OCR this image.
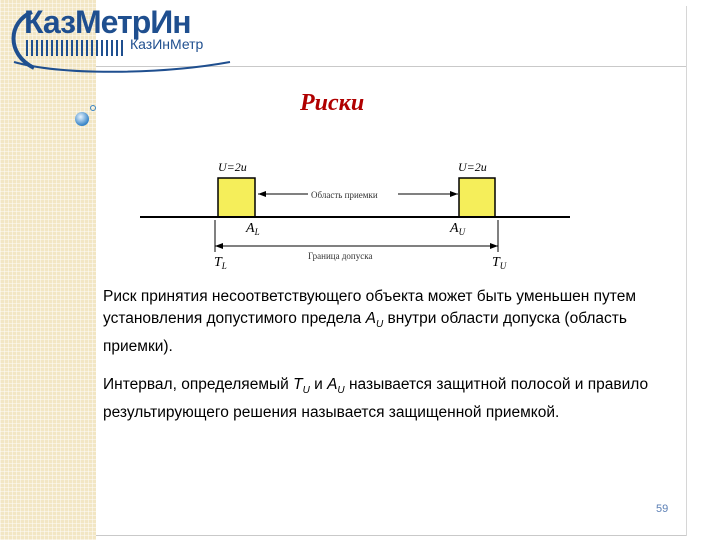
КазМетрИн
КазИнМетр
Риски
Область приемки
Граница допуска
U=2u	U=2u
$A_L$	$A_U$
$T_L$	$T_U$
Риск принятия несоответствующего объекта может быть уменьшен путем установления допустимого предела $A_U$ внутри области допуска (область приемки).
Интервал, определяемый $T_U$ и $A_U$ называется защитной полосой и правило результирующего решения называется защищенной приемкой.
59
